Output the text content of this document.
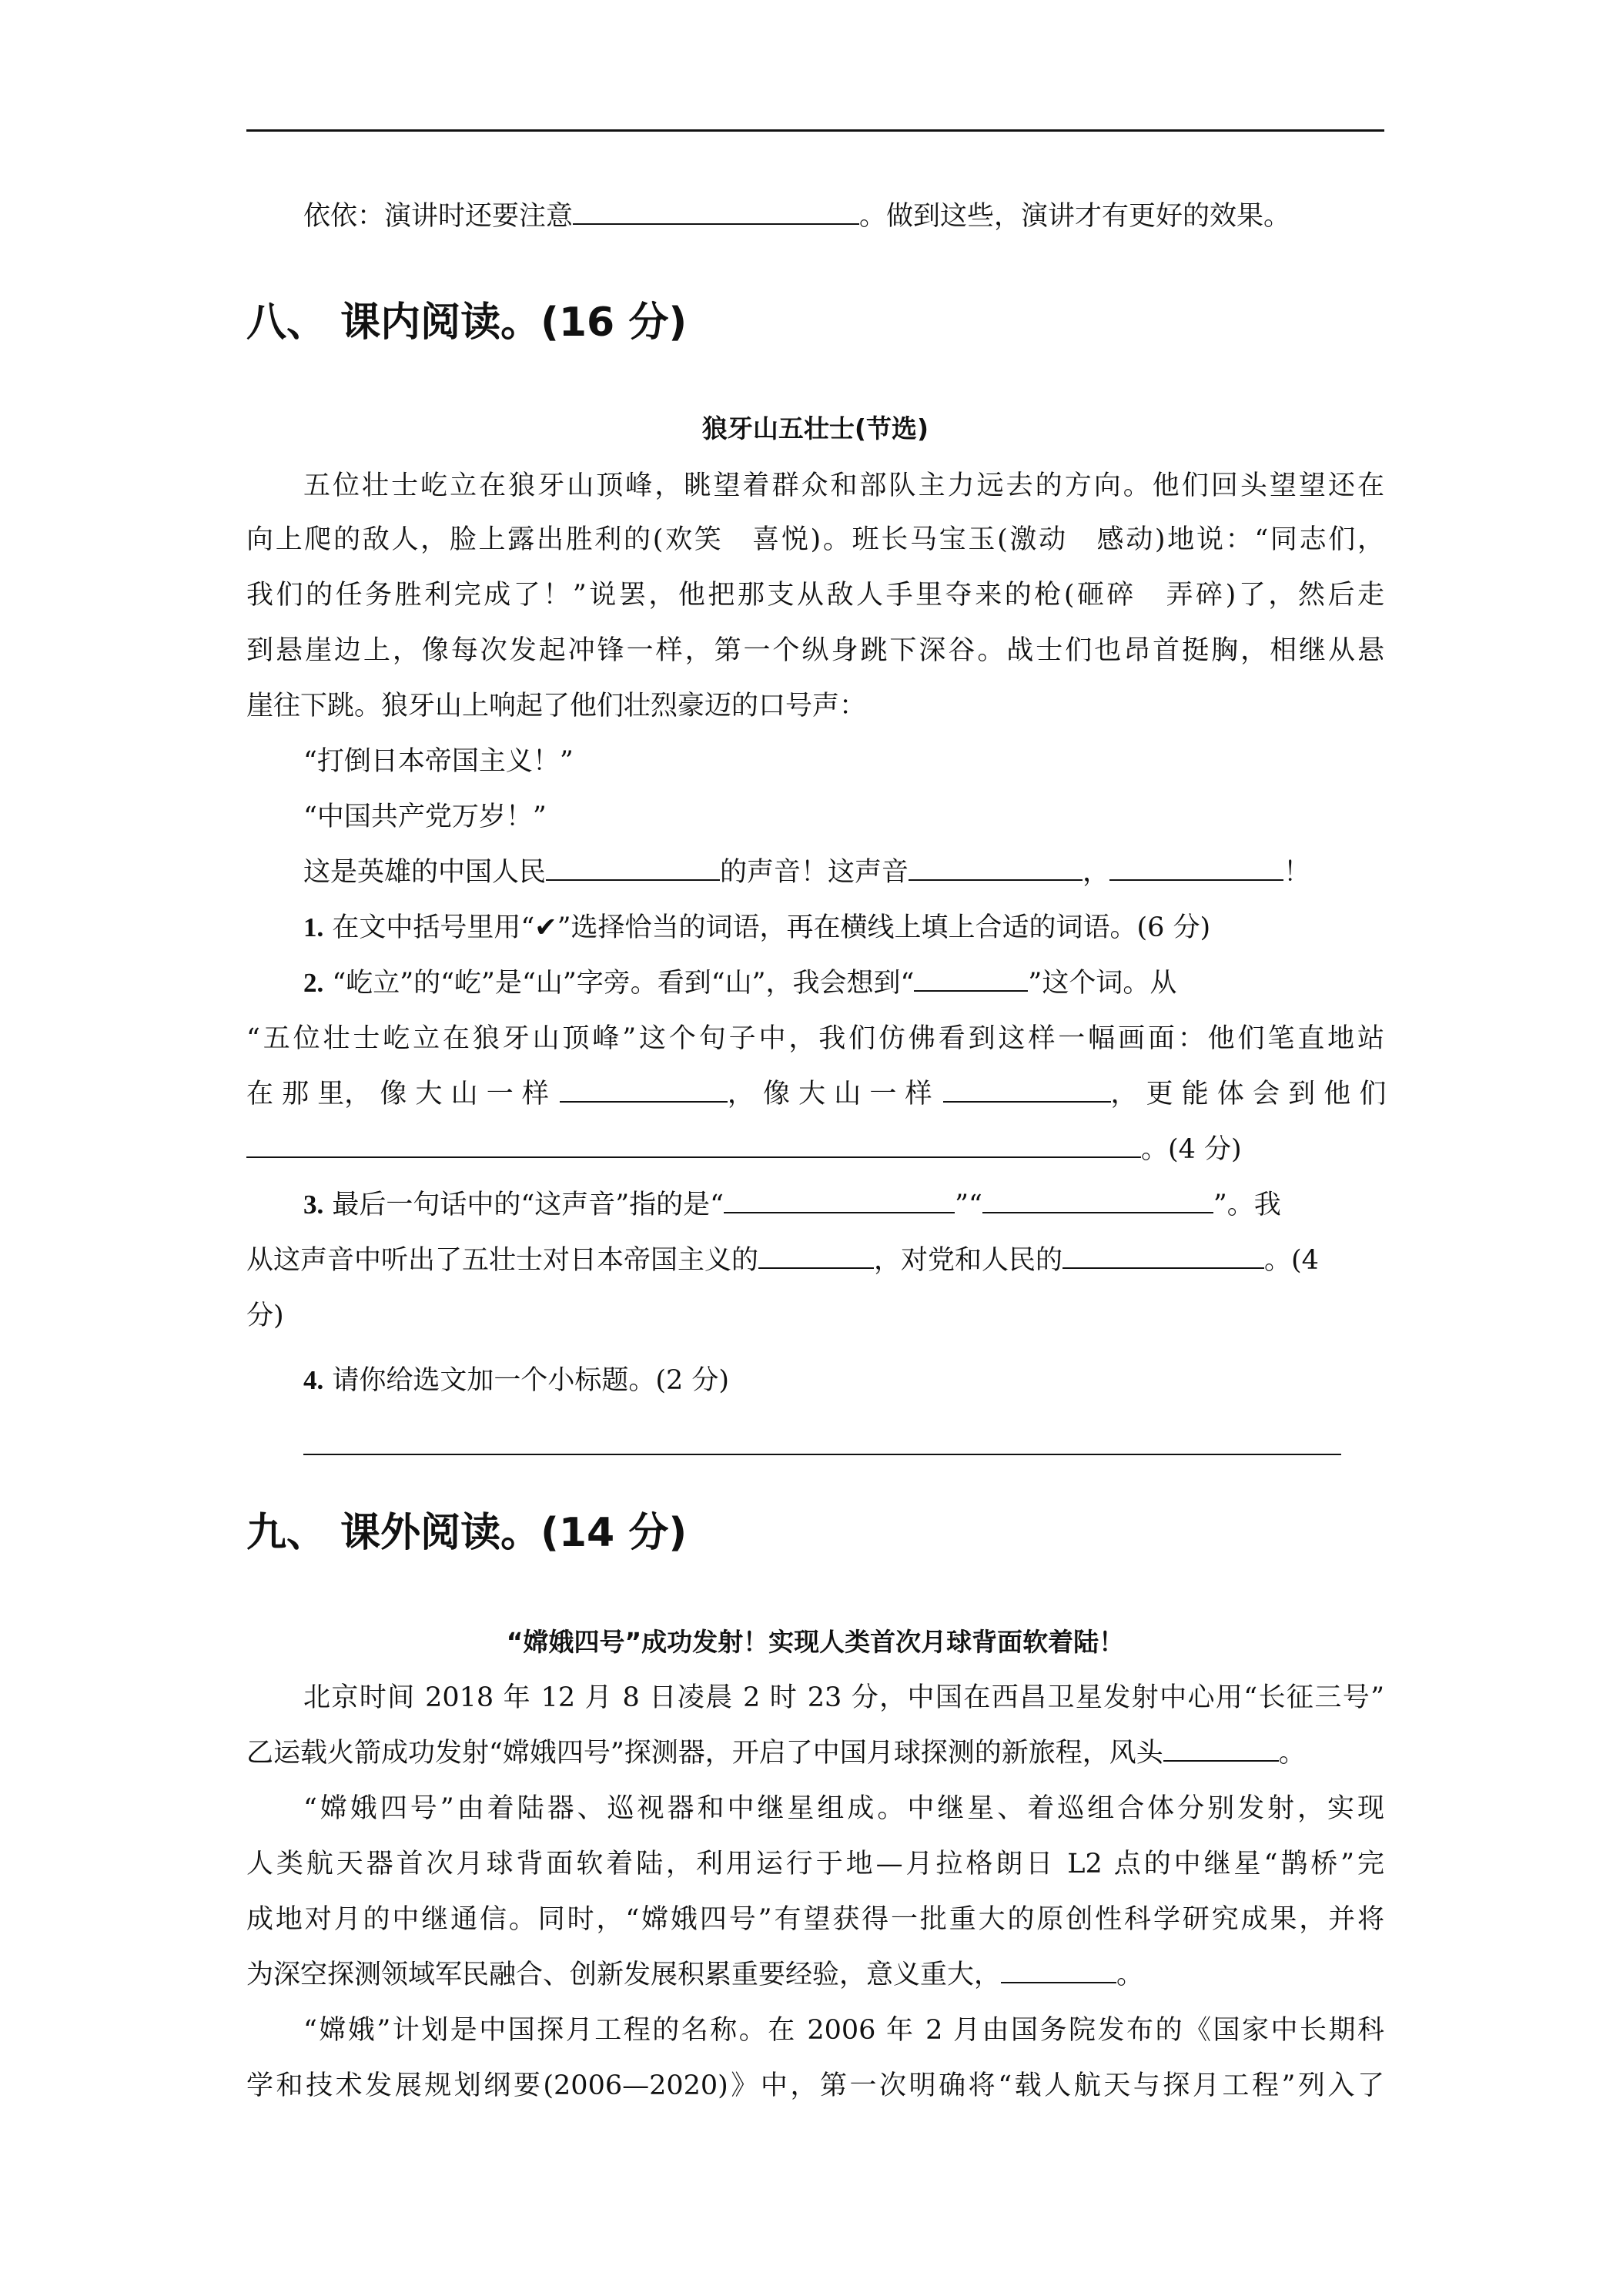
依依：演讲时还要注意	。做到这些，演讲才有更好的效果。
八、 课内阅读。(16 分)
狼牙山五壮士(节选)
五位壮士屹立在狼牙山顶峰，眺望着群众和部队主力远去的方向。他们回头望望还在
向上爬的敌人，脸上露出胜利的(欢笑　喜悦)。班长马宝玉(激动　感动)地说：“同志们，
我们的任务胜利完成了！”说罢，他把那支从敌人手里夺来的枪(砸碎　弄碎)了，然后走
到悬崖边上，像每次发起冲锋一样，第一个纵身跳下深谷。战士们也昂首挺胸，相继从悬
崖往下跳。狼牙山上响起了他们壮烈豪迈的口号声：
“打倒日本帝国主义！”
“中国共产党万岁！”
这是英雄的中国人民	的声音！这声音	，	！
1. 在文中括号里用“✔”选择恰当的词语，再在横线上填上合适的词语。(6 分)
2. “屹立”的“屹”是“山”字旁。看到“山”，我会想到“	”这个词。从
“五位壮士屹立在狼牙山顶峰”这个句子中，我们仿佛看到这样一幅画面：他们笔直地站
在 那 里， 像 大 山 一 样	， 像 大 山 一 样	， 更 能 体 会 到 他 们
。(4 分)
3. 最后一句话中的“这声音”指的是“	”“	”。我
从这声音中听出了五壮士对日本帝国主义的	，对党和人民的	。(4
分)
4. 请你给选文加一个小标题。(2 分)
九、 课外阅读。(14 分)
“嫦娥四号”成功发射！实现人类首次月球背面软着陆！
北京时间 2018 年 12 月 8 日凌晨 2 时 23 分，中国在西昌卫星发射中心用“长征三号”
乙运载火箭成功发射“嫦娥四号”探测器，开启了中国月球探测的新旅程，风头	。
“嫦娥四号”由着陆器、巡视器和中继星组成。中继星、着巡组合体分别发射，实现
人类航天器首次月球背面软着陆，利用运行于地—月拉格朗日 L2 点的中继星“鹊桥”完
成地对月的中继通信。同时，“嫦娥四号”有望获得一批重大的原创性科学研究成果，并将
为深空探测领域军民融合、创新发展积累重要经验，意义重大，	。
“嫦娥”计划是中国探月工程的名称。在 2006 年 2 月由国务院发布的《国家中长期科
学和技术发展规划纲要(2006—2020)》中，第一次明确将“载人航天与探月工程”列入了
